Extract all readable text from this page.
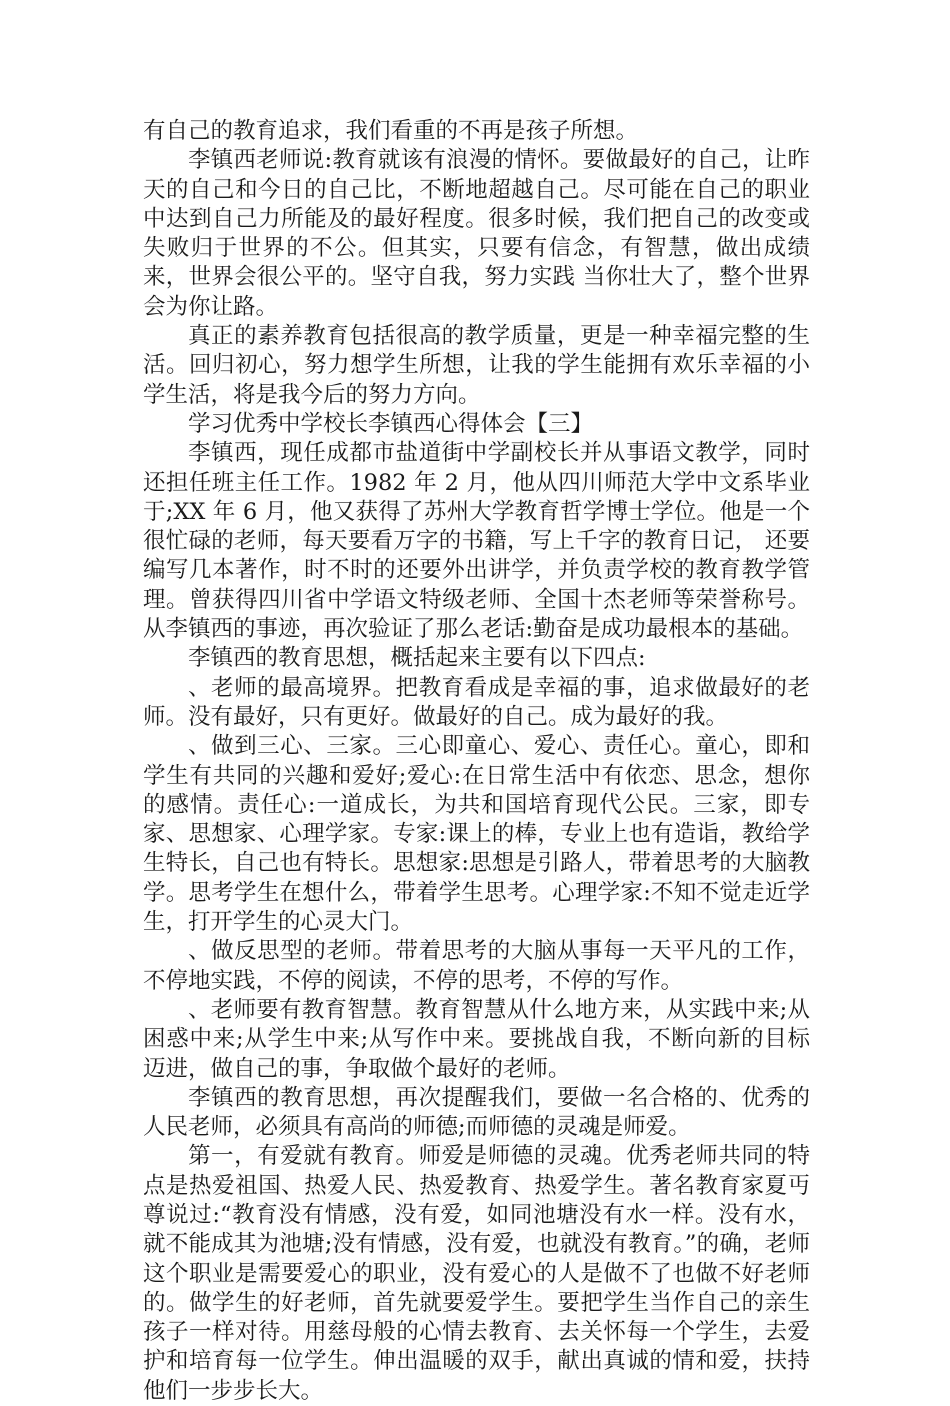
有自己的教育追求，我们看重的不再是孩子所想。

李镇西老师说:教育就该有浪漫的情怀。要做最好的自己，让昨天的自己和今日的自己比，不断地超越自己。尽可能在自己的职业中达到自己力所能及的最好程度。很多时候，我们把自己的改变或失败归于世界的不公。但其实，只要有信念，有智慧，做出成绩来，世界会很公平的。坚守自我，努力实践 当你壮大了，整个世界会为你让路。

真正的素养教育包括很高的教学质量，更是一种幸福完整的生活。回归初心，努力想学生所想，让我的学生能拥有欢乐幸福的小学生活，将是我今后的努力方向。

学习优秀中学校长李镇西心得体会【三】

李镇西，现任成都市盐道街中学副校长并从事语文教学，同时还担任班主任工作。1982 年 2 月，他从四川师范大学中文系毕业于;XX 年 6 月，他又获得了苏州大学教育哲学博士学位。他是一个很忙碌的老师，每天要看万字的书籍，写上千字的教育日记， 还要编写几本著作，时不时的还要外出讲学，并负责学校的教育教学管理。曾获得四川省中学语文特级老师、全国十杰老师等荣誉称号。从李镇西的事迹，再次验证了那么老话:勤奋是成功最根本的基础。

李镇西的教育思想，概括起来主要有以下四点:

、老师的最高境界。把教育看成是幸福的事，追求做最好的老师。没有最好，只有更好。做最好的自己。成为最好的我。

、做到三心、三家。三心即童心、爱心、责任心。童心，即和学生有共同的兴趣和爱好;爱心:在日常生活中有依恋、思念，想你的感情。责任心:一道成长，为共和国培育现代公民。三家，即专家、思想家、心理学家。专家:课上的棒，专业上也有造诣，教给学生特长，自己也有特长。思想家:思想是引路人，带着思考的大脑教学。思考学生在想什么，带着学生思考。心理学家:不知不觉走近学生，打开学生的心灵大门。

、做反思型的老师。带着思考的大脑从事每一天平凡的工作，不停地实践，不停的阅读，不停的思考，不停的写作。

、老师要有教育智慧。教育智慧从什么地方来，从实践中来;从困惑中来;从学生中来;从写作中来。要挑战自我，不断向新的目标迈进，做自己的事，争取做个最好的老师。

李镇西的教育思想，再次提醒我们，要做一名合格的、优秀的人民老师，必须具有高尚的师德;而师德的灵魂是师爱。

第一，有爱就有教育。师爱是师德的灵魂。优秀老师共同的特点是热爱祖国、热爱人民、热爱教育、热爱学生。著名教育家夏丏尊说过:“教育没有情感，没有爱，如同池塘没有水一样。没有水，就不能成其为池塘;没有情感，没有爱，也就没有教育。”的确，老师这个职业是需要爱心的职业，没有爱心的人是做不了也做不好老师的。做学生的好老师，首先就要爱学生。要把学生当作自己的亲生孩子一样对待。用慈母般的心情去教育、去关怀每一个学生，去爱护和培育每一位学生。伸出温暖的双手，献出真诚的情和爱，扶持他们一步步长大。
